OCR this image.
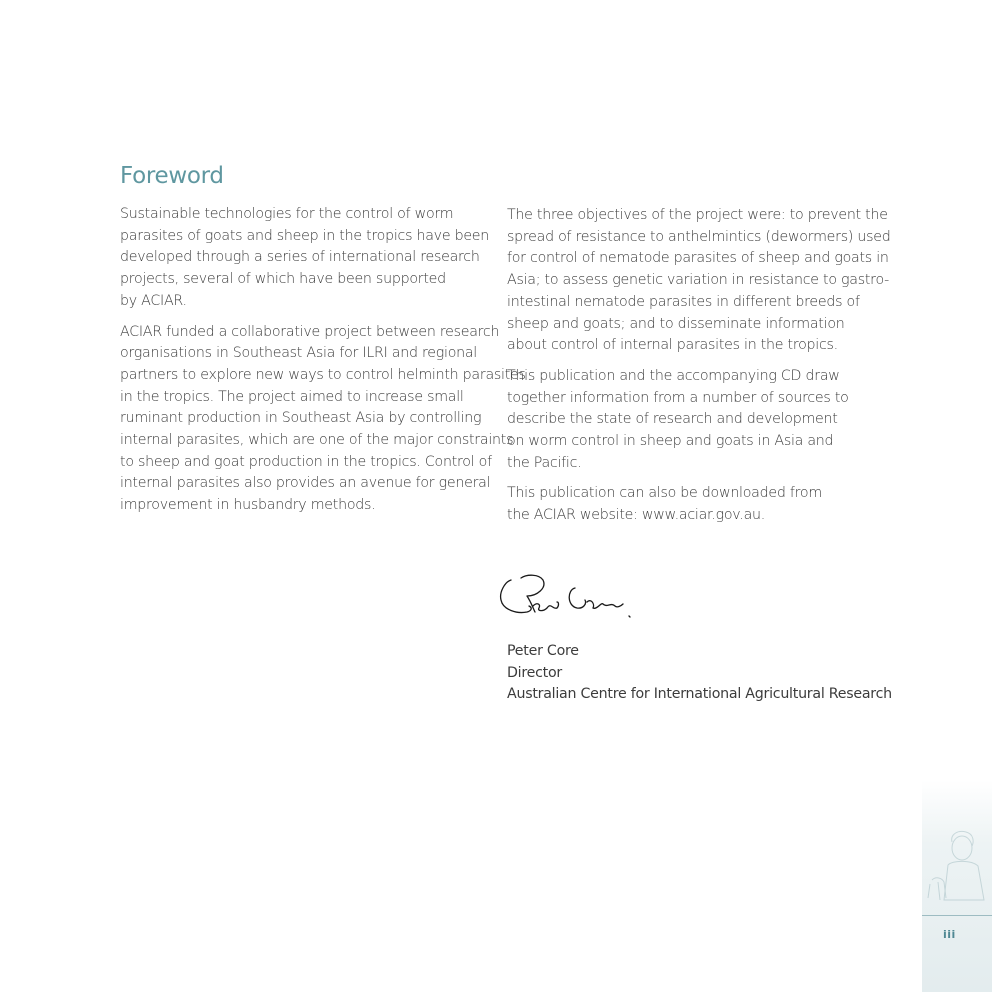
Foreword

Sustainable technologies for the control of worm
parasites of goats and sheep in the tropics have been
developed through a series of international research
projects, several of which have been supported
by ACIAR.

ACIAR funded a collaborative project between research
organisations in Southeast Asia for ILRI and regional
partners to explore new ways to control helminth parasites
in the tropics. The project aimed to increase small
ruminant production in Southeast Asia by controlling
internal parasites, which are one of the major constraints
to sheep and goat production in the tropics. Control of
internal parasites also provides an avenue for general
improvement in husbandry methods.

The three objectives of the project were: to prevent the
spread of resistance to anthelmintics (dewormers) used
for control of nematode parasites of sheep and goats in
Asia; to assess genetic variation in resistance to gastro-
intestinal nematode parasites in different breeds of
sheep and goats; and to disseminate information
about control of internal parasites in the tropics.

This publication and the accompanying CD draw
together information from a number of sources to
describe the state of research and development
on worm control in sheep and goats in Asia and
the Pacific.

This publication can also be downloaded from
the ACIAR website: www.aciar.gov.au.

Peter Core
Director
Australian Centre for International Agricultural Research
iii
